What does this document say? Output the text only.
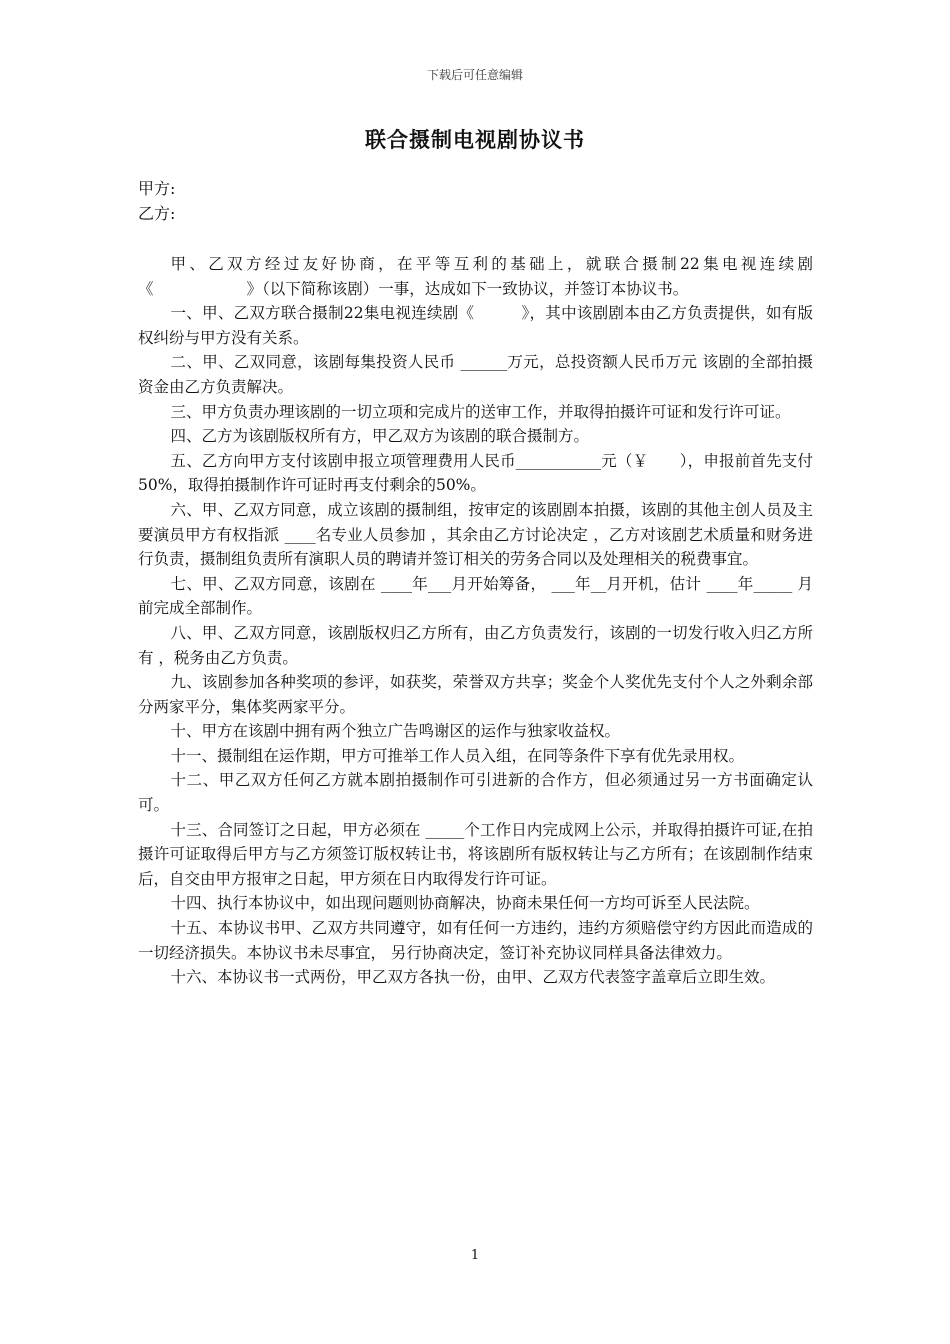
下载后可任意编辑
联合摄制电视剧协议书
甲方:
乙方:

甲、乙双方经过友好协商，在平等互利的基础上，就联合摄制22集电视连续剧《　　　　　　》（以下简称该剧）一事，达成如下一致协议，并签订本协议书。

一、甲、乙双方联合摄制22集电视连续剧《　　　》，其中该剧剧本由乙方负责提供，如有版权纠纷与甲方没有关系。

二、甲、乙双同意，该剧每集投资人民币 ______万元，总投资额人民币万元 该剧的全部拍摄资金由乙方负责解决。

三、甲方负责办理该剧的一切立项和完成片的送审工作，并取得拍摄许可证和发行许可证。

四、乙方为该剧版权所有方，甲乙双方为该剧的联合摄制方。

五、乙方向甲方支付该剧申报立项管理费用人民币___________元（￥　　），申报前首先支付50%，取得拍摄制作许可证时再支付剩余的50%。

六、甲、乙双方同意，成立该剧的摄制组，按审定的该剧剧本拍摄，该剧的其他主创人员及主要演员甲方有权指派 ____名专业人员参加 ，其余由乙方讨论决定 ，乙方对该剧艺术质量和财务进行负责，摄制组负责所有演职人员的聘请并签订相关的劳务合同以及处理相关的税费事宜。

七、甲、乙双方同意，该剧在 ____年___月开始筹备， ___年__月开机，估计 ____年_____ 月前完成全部制作。

八、甲、乙双方同意，该剧版权归乙方所有，由乙方负责发行，该剧的一切发行收入归乙方所有 ，税务由乙方负责。

九、该剧参加各种奖项的参评，如获奖，荣誉双方共享；奖金个人奖优先支付个人之外剩余部分两家平分，集体奖两家平分。

十、甲方在该剧中拥有两个独立广告鸣谢区的运作与独家收益权。

十一、摄制组在运作期，甲方可推举工作人员入组，在同等条件下享有优先录用权。

十二、甲乙双方任何乙方就本剧拍摄制作可引进新的合作方，但必须通过另一方书面确定认可。

十三、合同签订之日起，甲方必须在 _____个工作日内完成网上公示，并取得拍摄许可证,在拍摄许可证取得后甲方与乙方须签订版权转让书，将该剧所有版权转让与乙方所有；在该剧制作结束后，自交由甲方报审之日起，甲方须在日内取得发行许可证。

十四、执行本协议中，如出现问题则协商解决，协商未果任何一方均可诉至人民法院。

十五、本协议书甲、乙双方共同遵守，如有任何一方违约，违约方须赔偿守约方因此而造成的一切经济损失。本协议书未尽事宜， 另行协商决定，签订补充协议同样具备法律效力。

十六、本协议书一式两份，甲乙双方各执一份，由甲、乙双方代表签字盖章后立即生效。

1
